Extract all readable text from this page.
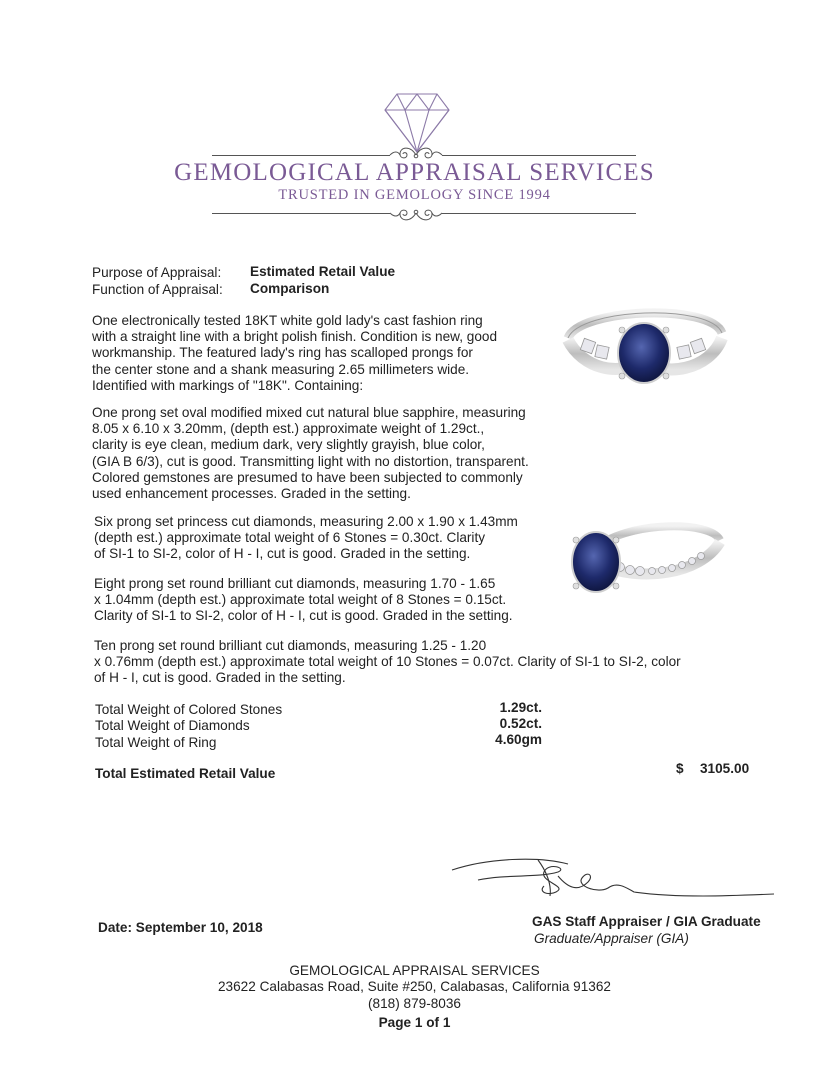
GEMOLOGICAL APPRAISAL SERVICES
TRUSTED IN GEMOLOGY SINCE 1994
Purpose of Appraisal: Estimated Retail Value
Function of Appraisal: Comparison
One electronically tested 18KT white gold lady's cast fashion ring
with a straight line with a bright polish finish. Condition is new, good
workmanship. The featured lady's ring has scalloped prongs for
the center stone and a shank measuring 2.65 millimeters wide.
Identified with markings of "18K". Containing:
One prong set oval modified mixed cut natural blue sapphire, measuring
8.05 x 6.10 x 3.20mm, (depth est.) approximate weight of 1.29ct.,
clarity is eye clean, medium dark, very slightly grayish, blue color,
(GIA B 6/3), cut is good. Transmitting light with no distortion, transparent.
Colored gemstones are presumed to have been subjected to commonly
used enhancement processes. Graded in the setting.
Six prong set princess cut diamonds, measuring 2.00 x 1.90 x 1.43mm
(depth est.) approximate total weight of 6 Stones = 0.30ct. Clarity
of SI-1 to SI-2, color of H - I, cut is good. Graded in the setting.
Eight prong set round brilliant cut diamonds, measuring 1.70 - 1.65
x 1.04mm (depth est.) approximate total weight of 8 Stones = 0.15ct.
Clarity of SI-1 to SI-2, color of H - I, cut is good. Graded in the setting.
Ten prong set round brilliant cut diamonds, measuring 1.25 - 1.20
x 0.76mm (depth est.) approximate total weight of 10 Stones = 0.07ct. Clarity of SI-1 to SI-2, color
of H - I, cut is good. Graded in the setting.
Total Weight of Colored Stones	1.29ct.
Total Weight of Diamonds	0.52ct.
Total Weight of Ring	4.60gm
Total Estimated Retail Value	$ 3105.00
Date: September 10, 2018	GAS Staff Appraiser / GIA Graduate
Graduate/Appraiser (GIA)
GEMOLOGICAL APPRAISAL SERVICES
23622 Calabasas Road, Suite #250, Calabasas, California 91362
(818) 879-8036
Page 1 of 1
